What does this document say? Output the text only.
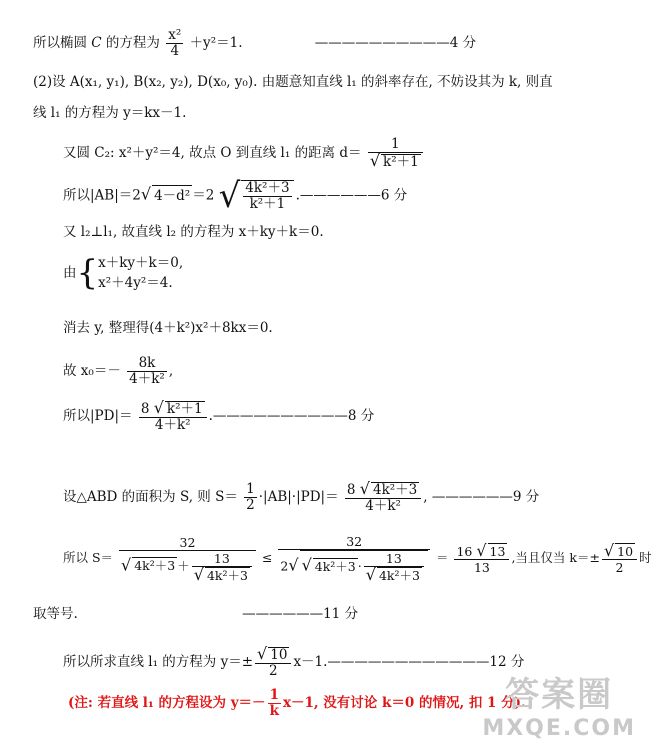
所以椭圆 C 的方程为 $\frac{\text{x²}}{4} +y^2=1$.	——————————4 分
(2)设 A(x₁, y₁), B(x₂, y₂), D(x₀, y₀). 由题意知直线 l₁ 的斜率存在, 不妨设其为 k, 则直
线 l₁ 的方程为 y＝kx－1.
又圆 C₂: x²＋y²＝4, 故点 O 到直线 l₁ 的距离 $d= \frac{1}{\text{√ k²＋1}}$
所以|AB|＝2√ 4－d² ＝2 √ $\frac{\text{4k²＋3}}{\text{k²＋1}}$ .——————6 分
又 l₂⊥l₁, 故直线 l₂ 的方程为 x＋ky＋k＝0.
由{ x＋ky＋k＝0,
x²＋4y²＝4.
消去 y, 整理得(4＋k²)x²＋8kx＝0.
故 $x_0=- \frac{8k}{\text{4＋k²}}$ ,
所以$|PD|= \frac{\text{8 √ k²＋1}}{\text{4＋k²}}$ .——————————8 分
设△ABD 的面积为 S, 则 $S= \frac{1}{2} \cdot|AB|\cdot|PD|= \frac{\text{8 √ 4k²＋3}}{\text{4＋k²}}$ , ——————9 分
所以 $S= \frac{32}{√ 4k^2+3 + \frac{13}{\text{√ 4k²＋3}}} \le \frac{32}{2√ √ 4k^2+3 \cdot \frac{13}{\text{√ 4k²＋3}}} = \frac{16 √ 13}{13}$ ,当且仅当 $k=\pm \frac{√ 10}{2}$ 时
取等号.	——————11 分
所以所求直线 l₁ 的方程为 $y=\pm \frac{√ 10}{2}$ x－1.————————————12 分
(注: 若直线 l₁ 的方程设为 $y=- \frac{1}{k} x-1$, 没有讨论 k＝0 的情况, 扣 1 分).
答案圈
MXQE.COM
